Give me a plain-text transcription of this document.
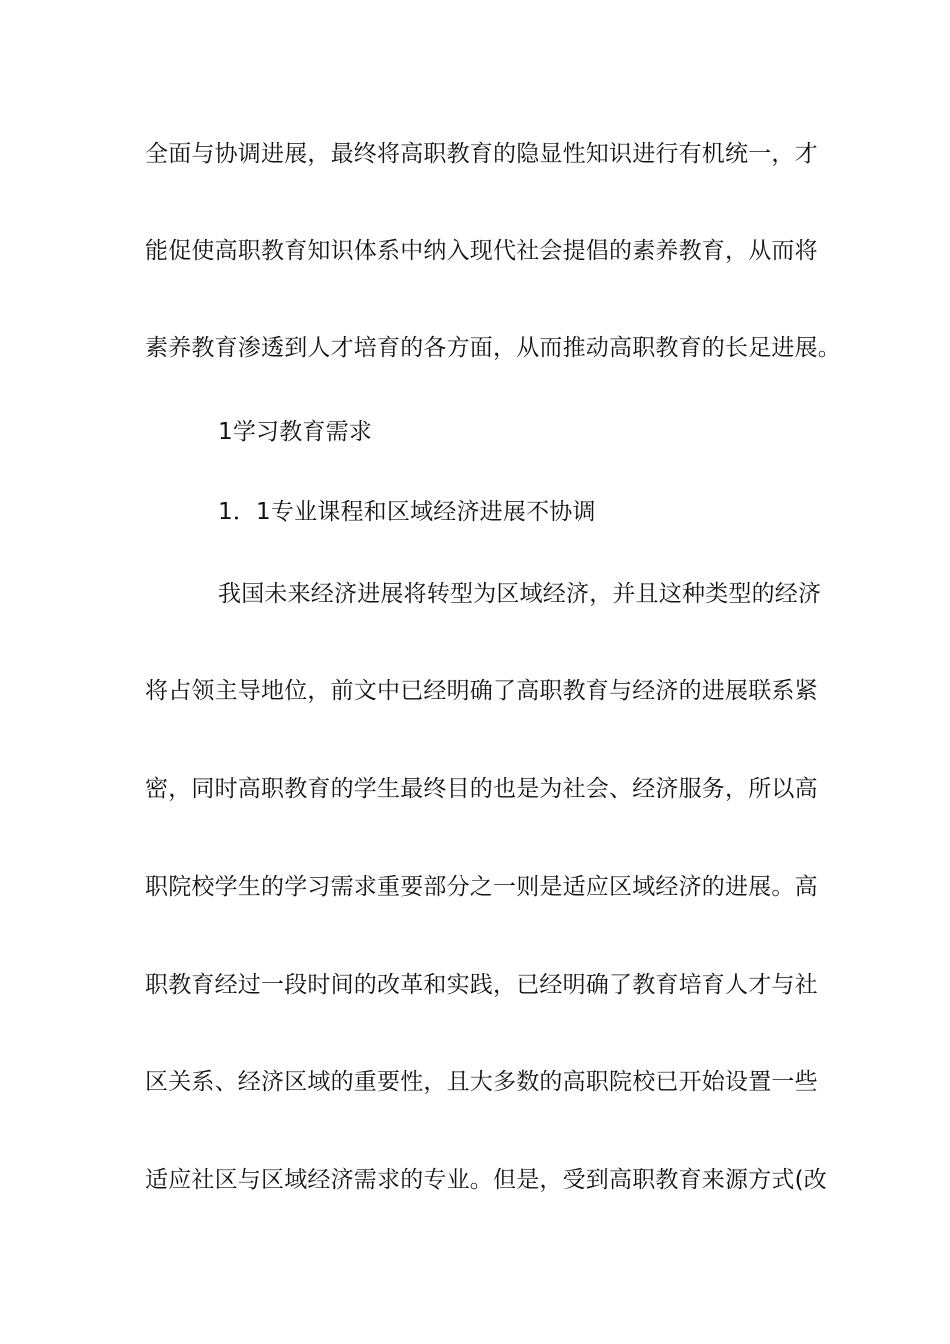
全面与协调进展，最终将高职教育的隐显性知识进行有机统一，才
能促使高职教育知识体系中纳入现代社会提倡的素养教育，从而将
素养教育渗透到人才培育的各方面，从而推动高职教育的长足进展。
1学习教育需求
1．1专业课程和区域经济进展不协调
我国未来经济进展将转型为区域经济，并且这种类型的经济
将占领主导地位，前文中已经明确了高职教育与经济的进展联系紧
密，同时高职教育的学生最终目的也是为社会、经济服务，所以高
职院校学生的学习需求重要部分之一则是适应区域经济的进展。高
职教育经过一段时间的改革和实践，已经明确了教育培育人才与社
区关系、经济区域的重要性，且大多数的高职院校已开始设置一些
适应社区与区域经济需求的专业。但是，受到高职教育来源方式(改
